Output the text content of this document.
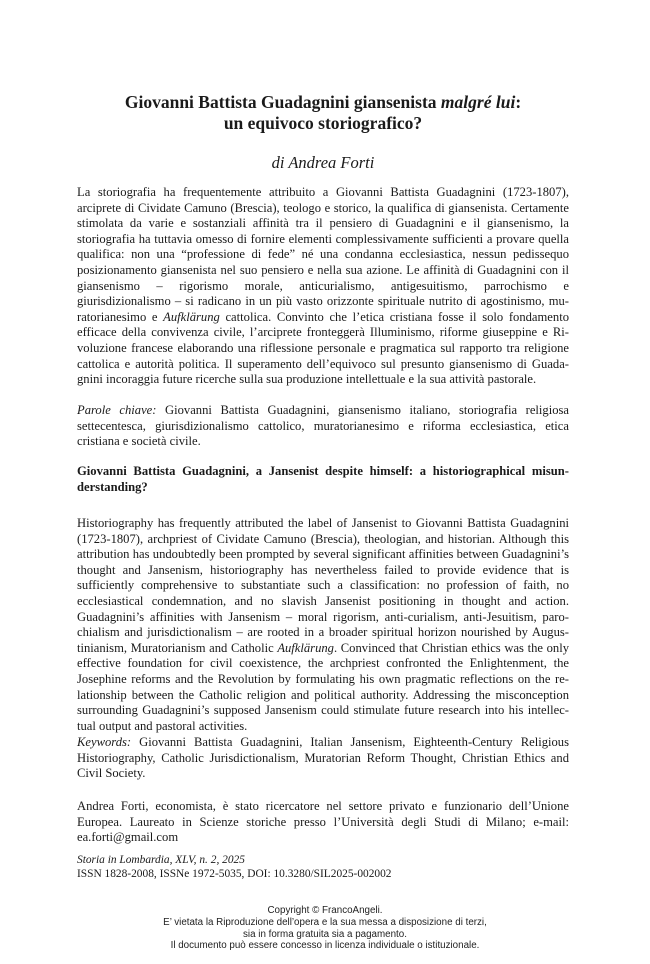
Giovanni Battista Guadagnini giansenista malgré lui:
un equivoco storiografico?

di Andrea Forti

La storiografia ha frequentemente attribuito a Giovanni Battista Guadagnini (1723-1807), arciprete di Cividate Camuno (Brescia), teologo e storico, la qualifica di giansenista. Certamente stimolata da varie e sostanziali affinità tra il pensiero di Guadagnini e il giansenismo, la storiografia ha tuttavia omesso di fornire elementi complessivamente sufficienti a provare quella qualifica: non una “professione di fede” né una condanna ecclesiastica, nessun pedissequo posizionamento giansenista nel suo pensiero e nella sua azione. Le affinità di Guadagnini con il giansenismo – rigorismo morale, anticurialismo, antigesuitismo, parrochismo e giurisdizionalismo – si radicano in un più vasto orizzonte spirituale nutrito di agostinismo, muratorianesimo e Aufklärung cattolica. Convinto che l’etica cristiana fosse il solo fondamento efficace della convivenza civile, l’arciprete fronteggerà Illuminismo, riforme giuseppine e Rivoluzione francese elaborando una riflessione personale e pragmatica sul rapporto tra religione cattolica e autorità politica. Il superamento dell’equivoco sul presunto giansenismo di Guadagnini incoraggia future ricerche sulla sua produzione intellettuale e la sua attività pastorale.

Parole chiave: Giovanni Battista Guadagnini, giansenismo italiano, storiografia religiosa settecentesca, giurisdizionalismo cattolico, muratorianesimo e riforma ecclesiastica, etica cristiana e società civile.

Giovanni Battista Guadagnini, a Jansenist despite himself: a historiographical misunderstanding?

Historiography has frequently attributed the label of Jansenist to Giovanni Battista Guadagnini (1723-1807), archpriest of Cividate Camuno (Brescia), theologian, and historian. Although this attribution has undoubtedly been prompted by several significant affinities between Guadagnini’s thought and Jansenism, historiography has nevertheless failed to provide evidence that is sufficiently comprehensive to substantiate such a classification: no profession of faith, no ecclesiastical condemnation, and no slavish Jansenist positioning in thought and action. Guadagnini’s affinities with Jansenism – moral rigorism, anti-curialism, anti-Jesuitism, parochialism and jurisdictionalism – are rooted in a broader spiritual horizon nourished by Augustinianism, Muratorianism and Catholic Aufklärung. Convinced that Christian ethics was the only effective foundation for civil coexistence, the archpriest confronted the Enlightenment, the Josephine reforms and the Revolution by formulating his own pragmatic reflections on the relationship between the Catholic religion and political authority. Addressing the misconception surrounding Guadagnini’s supposed Jansenism could stimulate future research into his intellectual output and pastoral activities.

Keywords: Giovanni Battista Guadagnini, Italian Jansenism, Eighteenth-Century Religious Historiography, Catholic Jurisdictionalism, Muratorian Reform Thought, Christian Ethics and Civil Society.

Andrea Forti, economista, è stato ricercatore nel settore privato e funzionario dell’Unione Europea. Laureato in Scienze storiche presso l’Università degli Studi di Milano; e-mail: ea.forti@gmail.com

Storia in Lombardia, XLV, n. 2, 2025
ISSN 1828-2008, ISSNe 1972-5035, DOI: 10.3280/SIL2025-002002

Copyright © FrancoAngeli.
E’ vietata la Riproduzione dell’opera e la sua messa a disposizione di terzi,
sia in forma gratuita sia a pagamento.
Il documento può essere concesso in licenza individuale o istituzionale.
